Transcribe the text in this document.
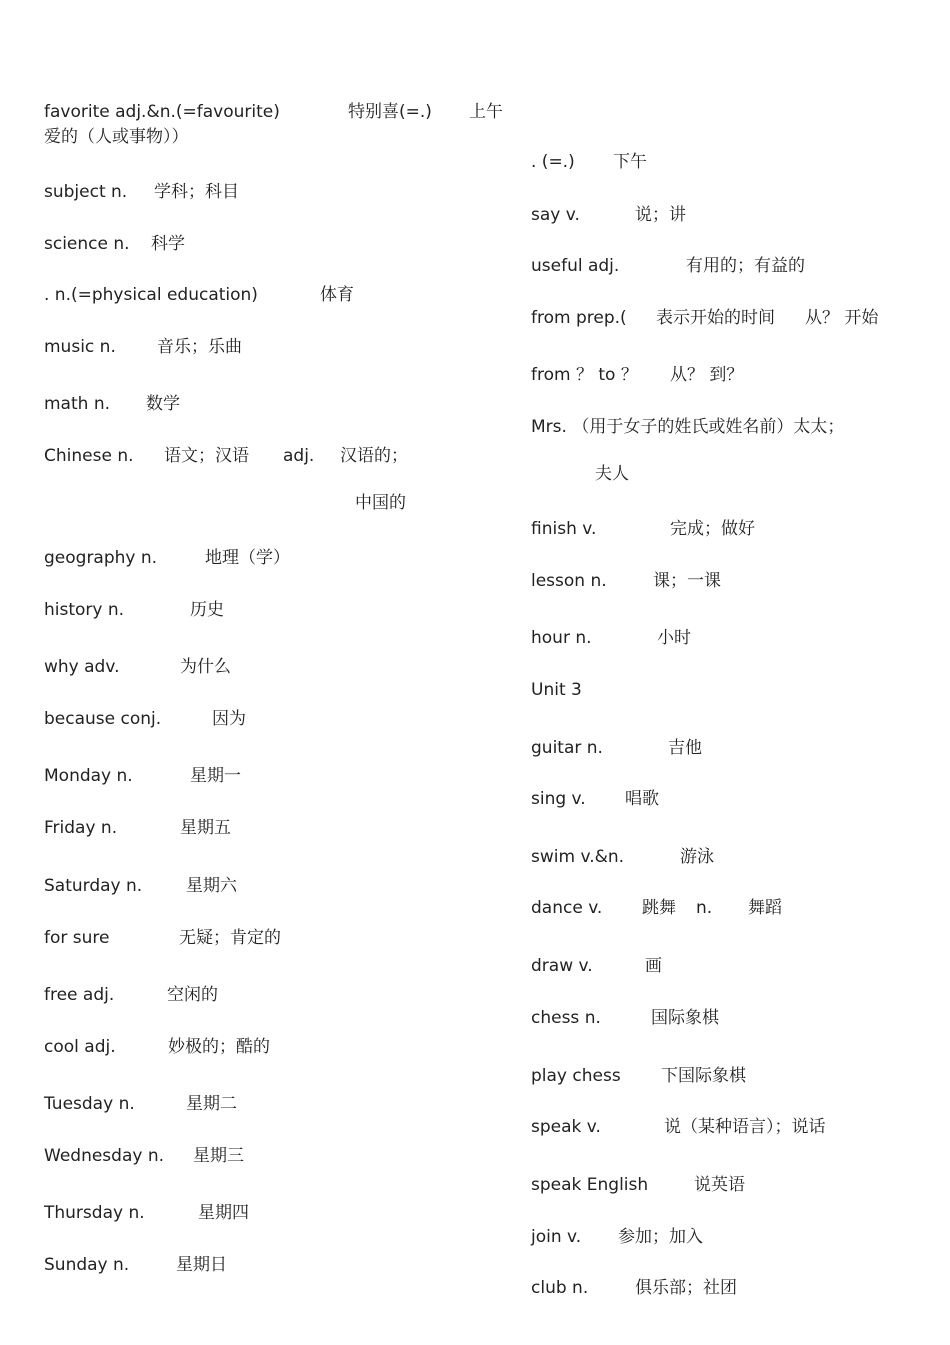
favorite adj.&n.(=favourite)	特别喜(=.) 上午
爱的（人或事物））
subject n. 学科；科目
science n. 科学
. n.(=physical education)	体育
music n. 音乐；乐曲
math n. 数学
Chinese n. 语文；汉语 adj. 汉语的；
中国的
geography n.	地理（学）
history n.	历史
why adv.	为什么
because conj.	因为
Monday n.	星期一
Friday n.	星期五
Saturday n.	星期六
for sure	无疑；肯定的
free adj.	空闲的
cool adj.	妙极的；酷的
Tuesday n.	星期二
Wednesday n. 星期三
Thursday n.	星期四
Sunday n.	星期日
. (=.) 下午
say v.	说；讲
useful adj.	有用的；有益的
from prep.( 表示开始的时间 从？ 开始
from ？ to ？ 从？ 到？
Mrs. （用于女子的姓氏或姓名前）太太；
夫人
finish v.	完成；做好
lesson n.	课；一课
hour n.	小时
Unit 3
guitar n.	吉他
sing v. 唱歌
swim v.&n.	游泳
dance v. 跳舞 n. 舞蹈
draw v.	画
chess n.	国际象棋
play chess 下国际象棋
speak v.	说（某种语言）；说话
speak English	说英语
join v. 参加；加入
club n.	俱乐部；社团
